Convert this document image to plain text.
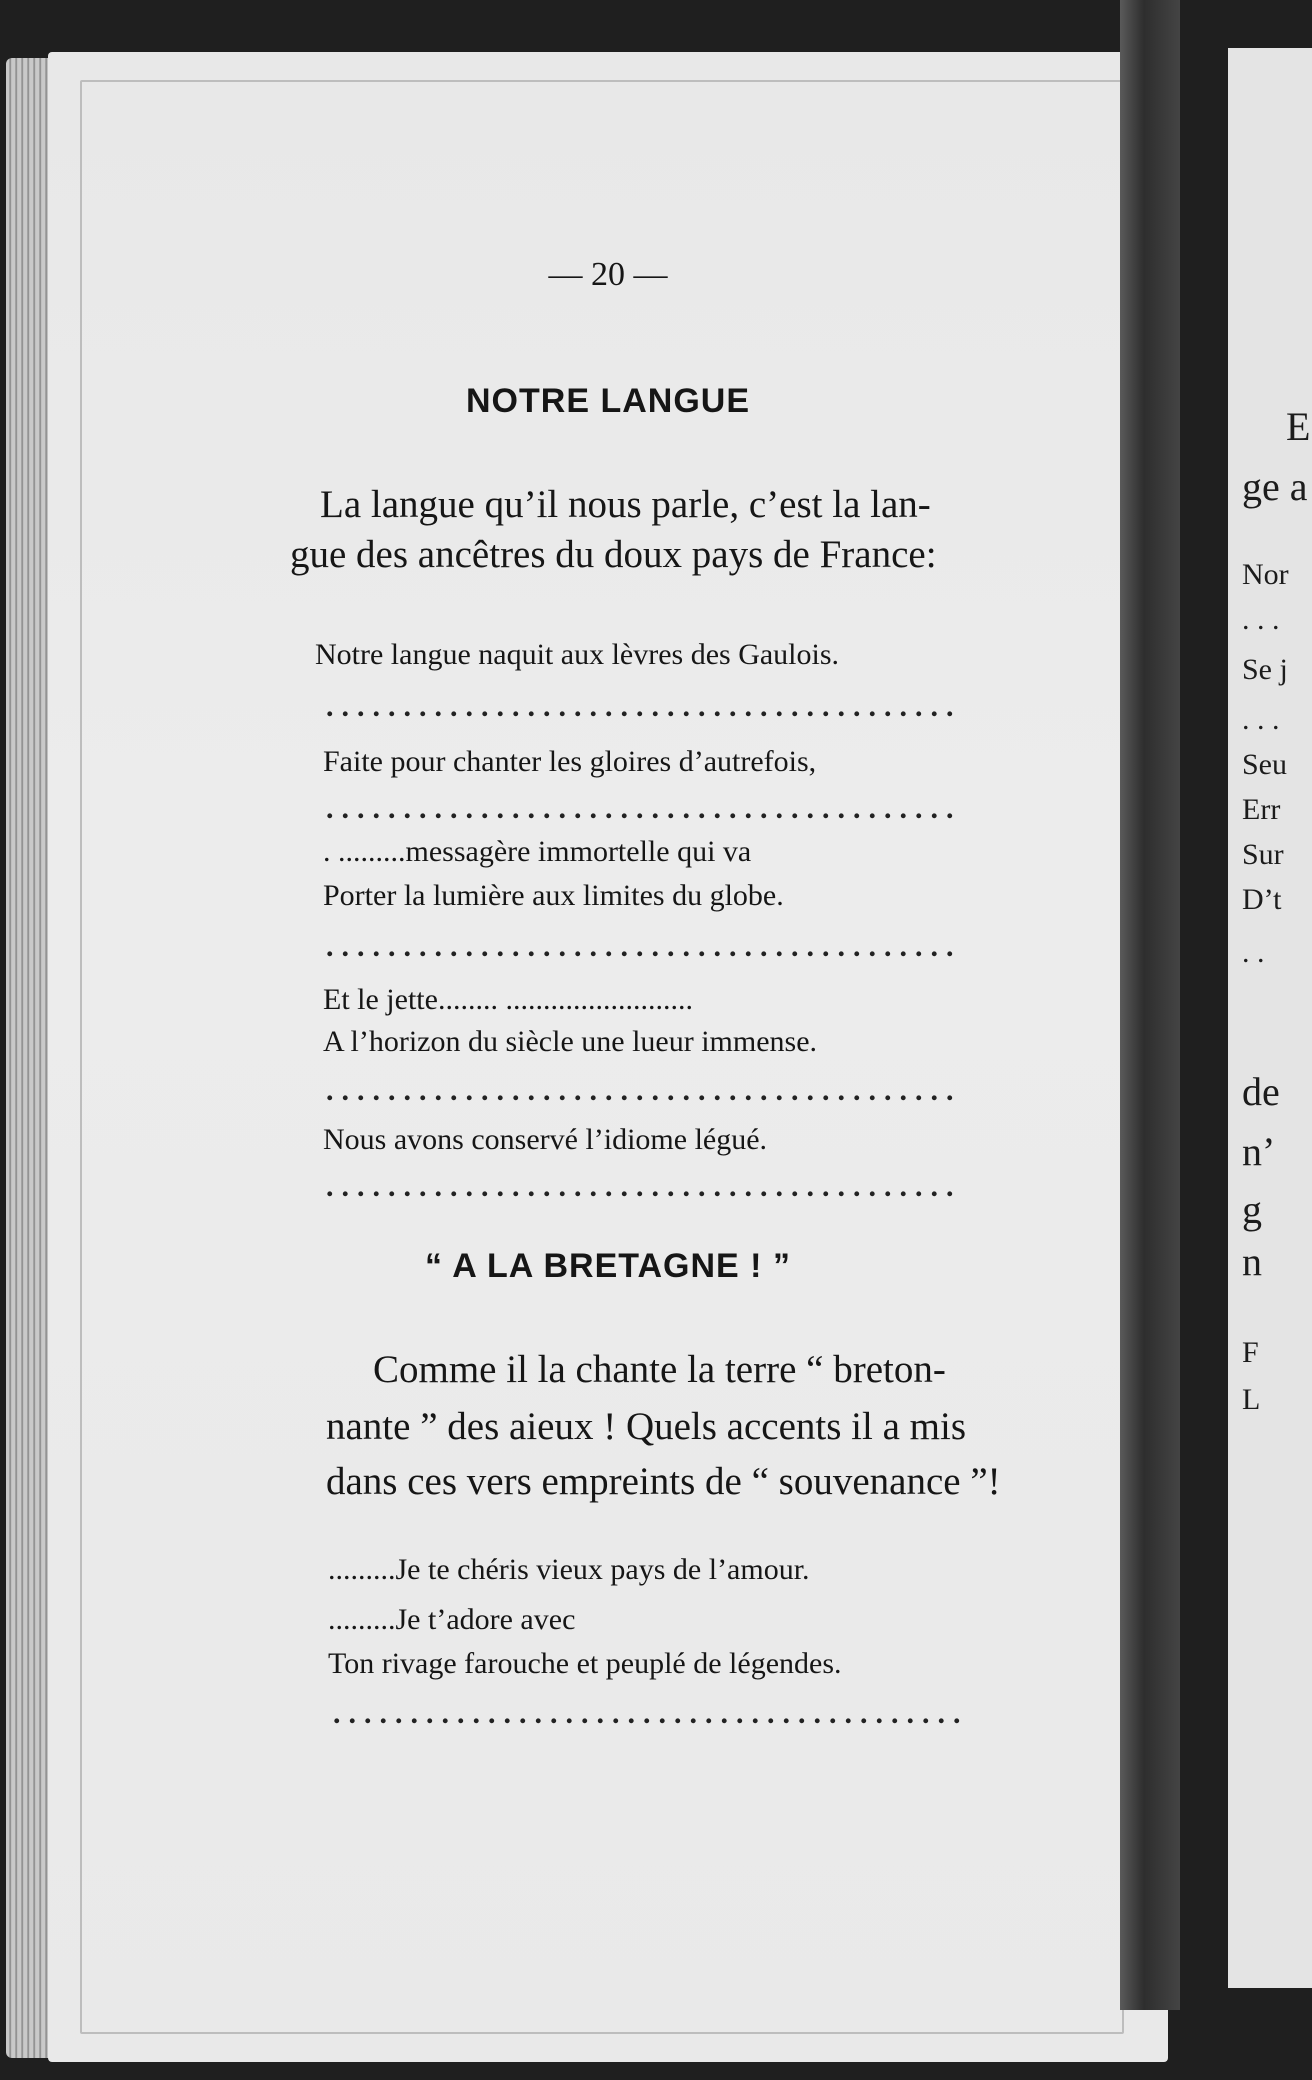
— 20 —
NOTRE LANGUE
La langue qu’il nous parle, c’est la lan-
gue des ancêtres du doux pays de France:
Notre langue naquit aux lèvres des Gaulois.
.........................................
Faite pour chanter les gloires d’autrefois,
.........................................
. .........messagère immortelle qui va
Porter la lumière aux limites du globe.
.........................................
Et le jette........ .........................
A l’horizon du siècle une lueur immense.
.........................................
Nous avons conservé l’idiome légué.
.........................................
“ A LA BRETAGNE ! ”
Comme il la chante la terre “ breton-
nante ” des aieux ! Quels accents il a mis
dans ces vers empreints de “ souvenance ”!
.........Je te chéris vieux pays de l’amour.
.........Je t’adore avec
Ton rivage farouche et peuplé de légendes.
.........................................
E
ge a
Nor
. . .
Se j
. . .
Seu
Err
Sur
D’t
. .
de
n’
g
n
F
L
